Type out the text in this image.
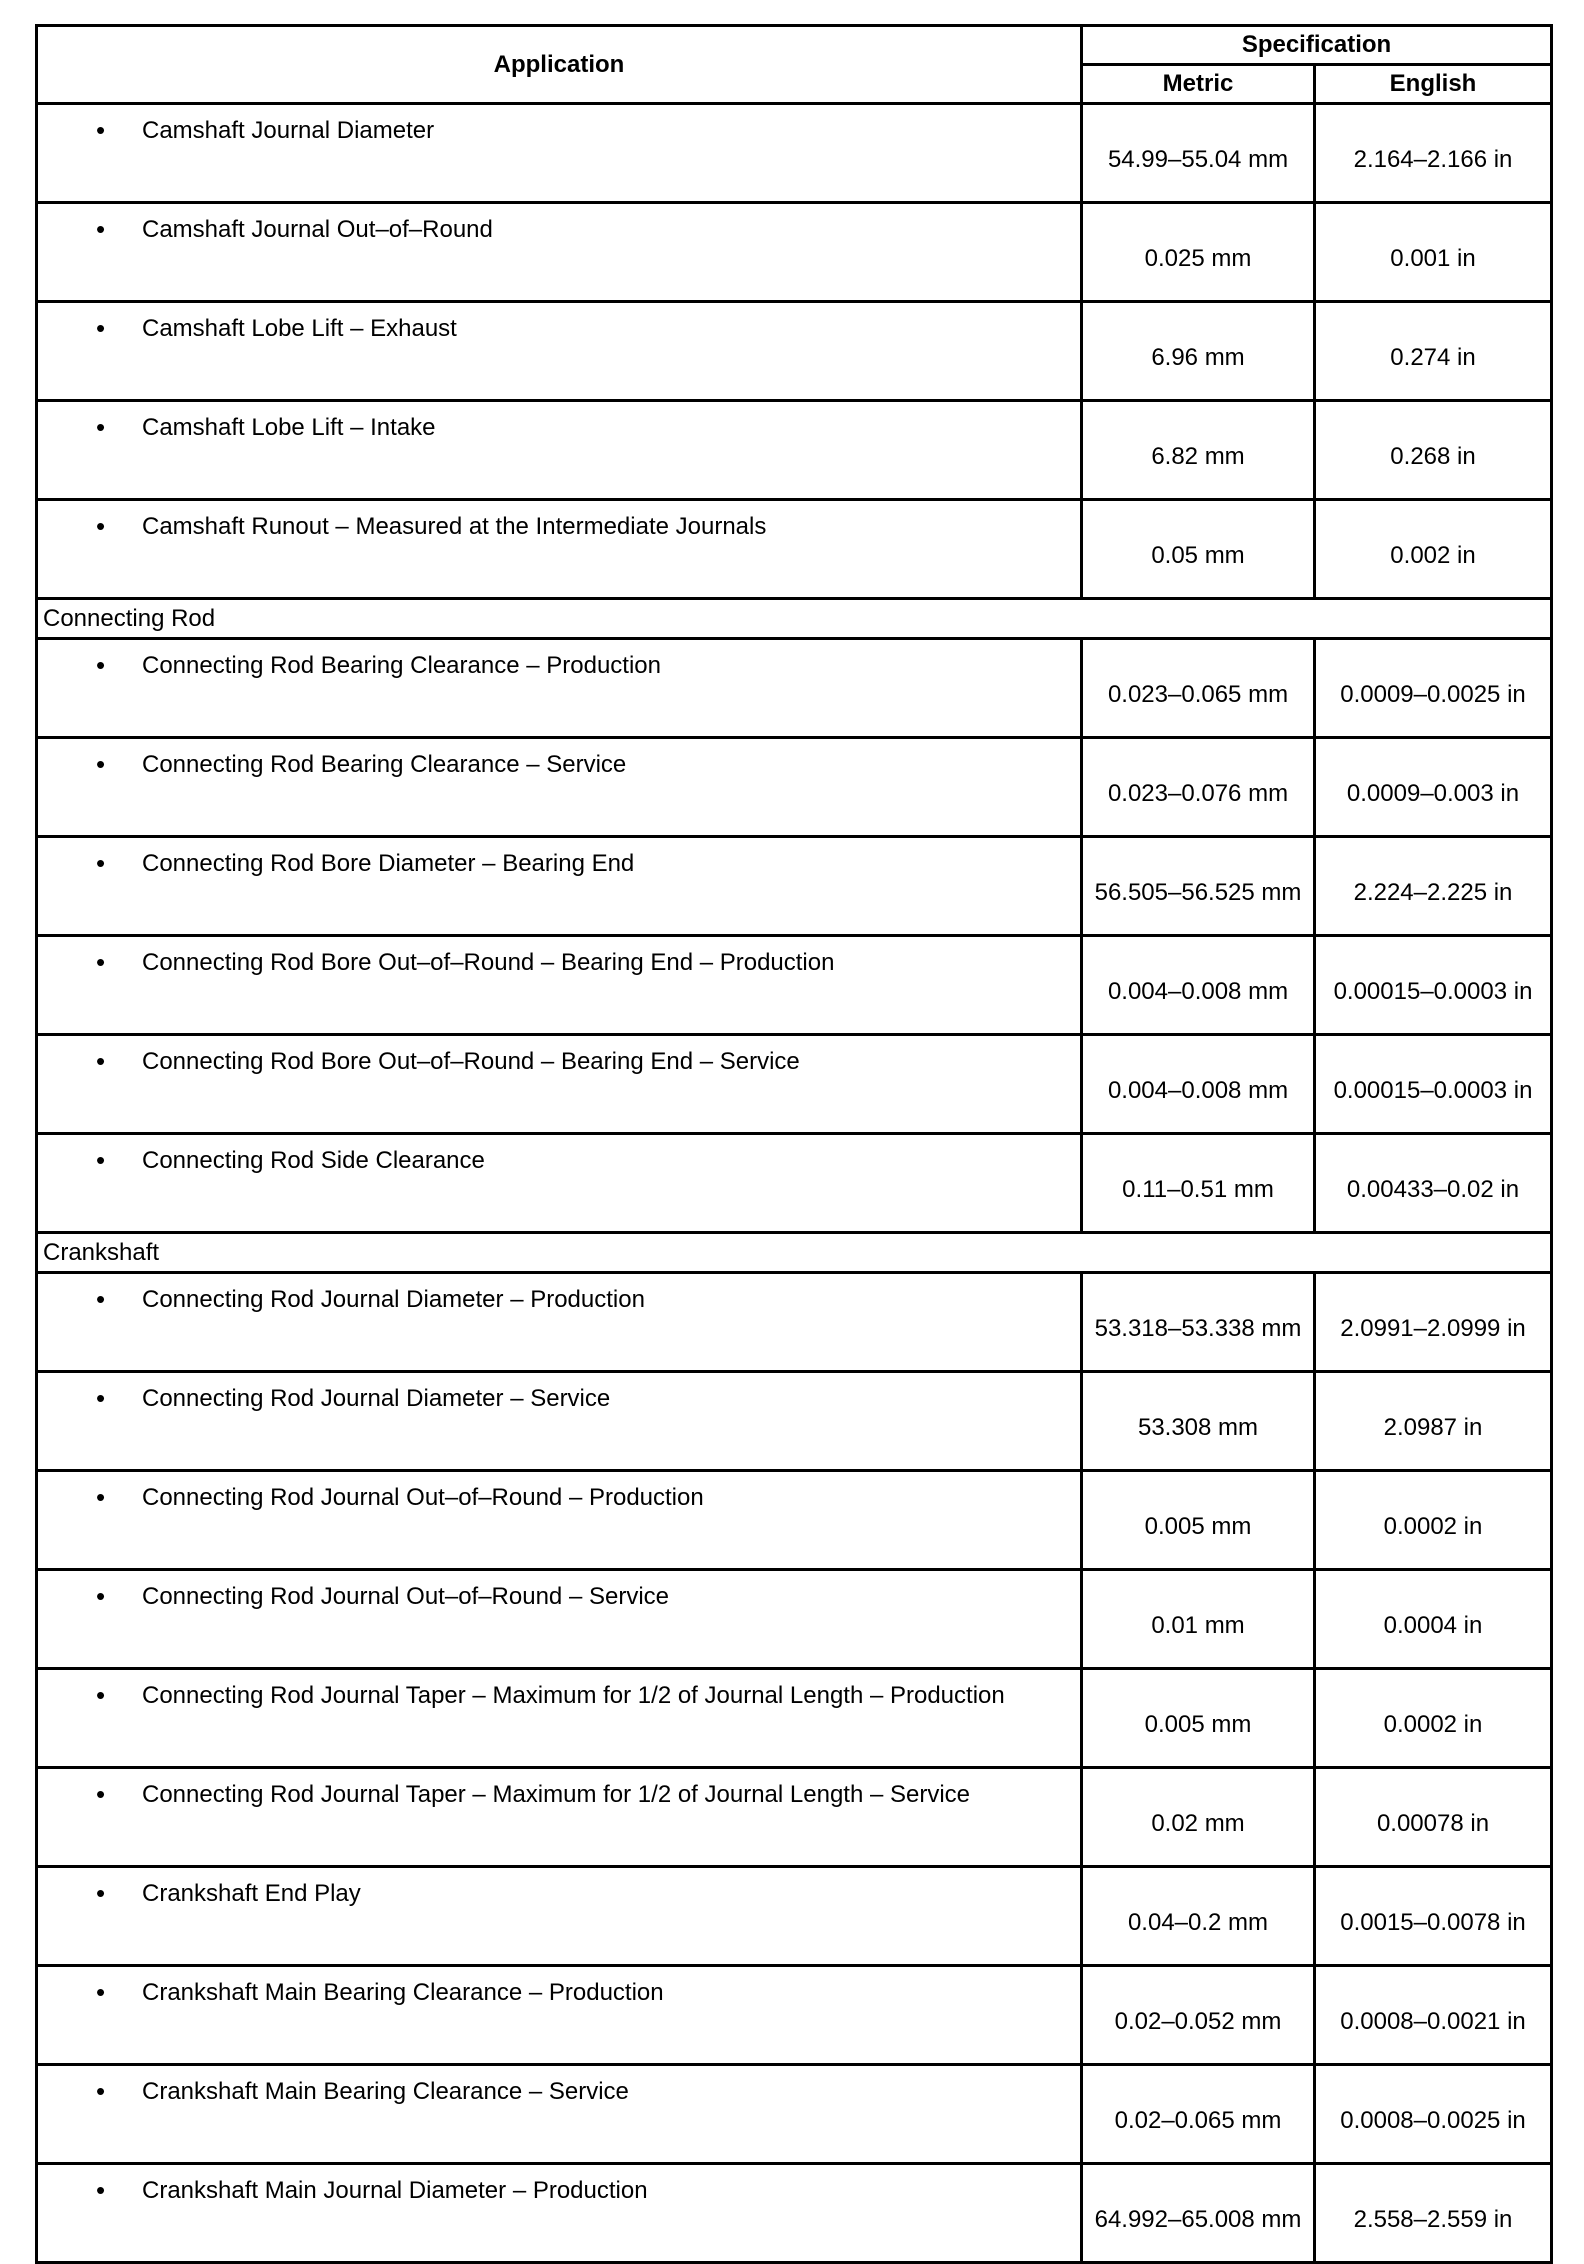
Application	Specification	
	Metric	English

• Camshaft Journal Diameter	54.99–55.04 mm	2.164–2.166 in

• Camshaft Journal Out–of–Round	0.025 mm	0.001 in

• Camshaft Lobe Lift – Exhaust	6.96 mm	0.274 in

• Camshaft Lobe Lift – Intake	6.82 mm	0.268 in

• Camshaft Runout – Measured at the Intermediate Journals	0.05 mm	0.002 in
Connecting Rod		

• Connecting Rod Bearing Clearance – Production	0.023–0.065 mm	0.0009–0.0025 in

• Connecting Rod Bearing Clearance – Service	0.023–0.076 mm	0.0009–0.003 in

• Connecting Rod Bore Diameter – Bearing End	56.505–56.525 mm	2.224–2.225 in

• Connecting Rod Bore Out–of–Round – Bearing End – Production	0.004–0.008 mm	0.00015–0.0003 in

• Connecting Rod Bore Out–of–Round – Bearing End – Service	0.004–0.008 mm	0.00015–0.0003 in

• Connecting Rod Side Clearance	0.11–0.51 mm	0.00433–0.02 in
Crankshaft		

• Connecting Rod Journal Diameter – Production	53.318–53.338 mm	2.0991–2.0999 in

• Connecting Rod Journal Diameter – Service	53.308 mm	2.0987 in

• Connecting Rod Journal Out–of–Round – Production	0.005 mm	0.0002 in

• Connecting Rod Journal Out–of–Round – Service	0.01 mm	0.0004 in

• Connecting Rod Journal Taper – Maximum for 1/2 of Journal Length – Production	0.005 mm	0.0002 in

• Connecting Rod Journal Taper – Maximum for 1/2 of Journal Length – Service	0.02 mm	0.00078 in

• Crankshaft End Play	0.04–0.2 mm	0.0015–0.0078 in

• Crankshaft Main Bearing Clearance – Production	0.02–0.052 mm	0.0008–0.0021 in

• Crankshaft Main Bearing Clearance – Service	0.02–0.065 mm	0.0008–0.0025 in

• Crankshaft Main Journal Diameter – Production	64.992–65.008 mm	2.558–2.559 in
